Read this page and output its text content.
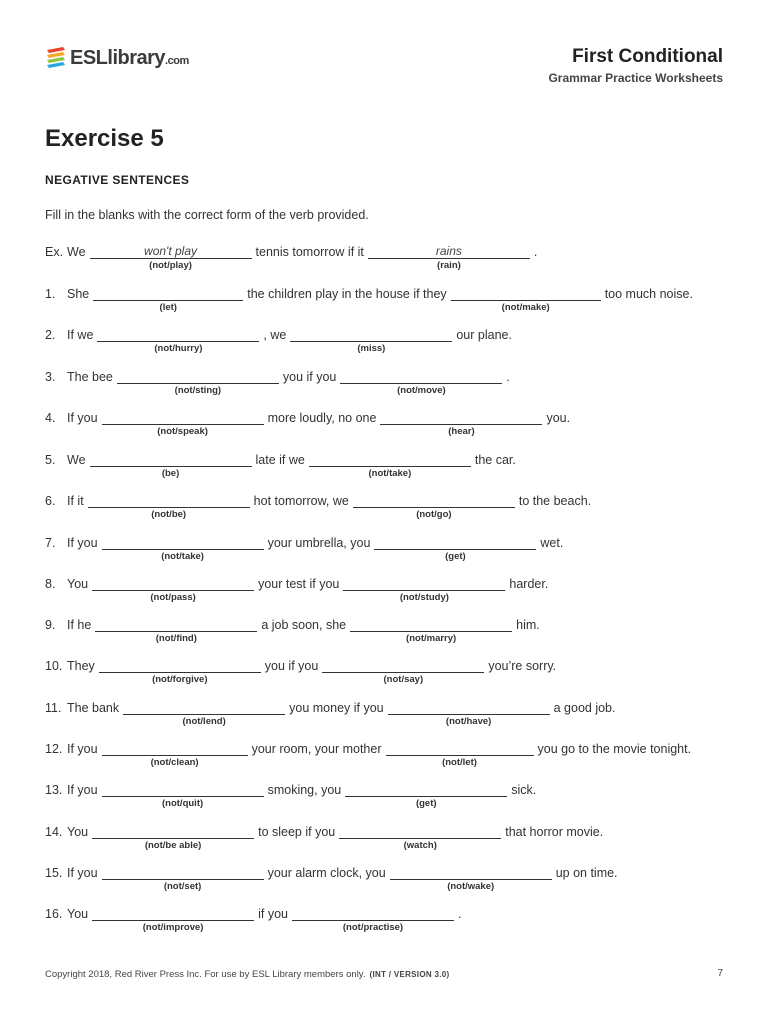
ESLlibrary.com	First Conditional
Grammar Practice Worksheets
Exercise 5
NEGATIVE SENTENCES
Fill in the blanks with the correct form of the verb provided.
Ex. We	won't play
(not/play)
tennis tomorrow if it	rains
(rain)
.
1. She
(let)
the children play in the house if they
(not/make)
too much noise.
2. If we
(not/hurry)
, we
(miss)
our plane.
3. The bee
(not/sting)
you if you
(not/move)
.
4. If you
(not/speak)
more loudly, no one
(hear)
you.
5. We
(be)
late if we
(not/take)
the car.
6. If it
(not/be)
hot tomorrow, we
(not/go)
to the beach.
7. If you
(not/take)
your umbrella, you
(get)
wet.
8. You
(not/pass)
your test if you
(not/study)
harder.
9. If he
(not/find)
a job soon, she
(not/marry)
him.
10. They
(not/forgive)
you if you
(not/say)
you’re sorry.
11. The bank
(not/lend)
you money if you
(not/have)
a good job.
12. If you
(not/clean)
your room, your mother
(not/let)
you go to the movie tonight.
13. If you
(not/quit)
smoking, you
(get)
sick.
14. You
(not/be able)
to sleep if you
(watch)
that horror movie.
15. If you
(not/set)
your alarm clock, you
(not/wake)
up on time.
16. You
(not/improve)
if you
(not/practise)
.
Copyright 2018, Red River Press Inc. For use by ESL Library members only. (INT / VERSION 3.0)	7
